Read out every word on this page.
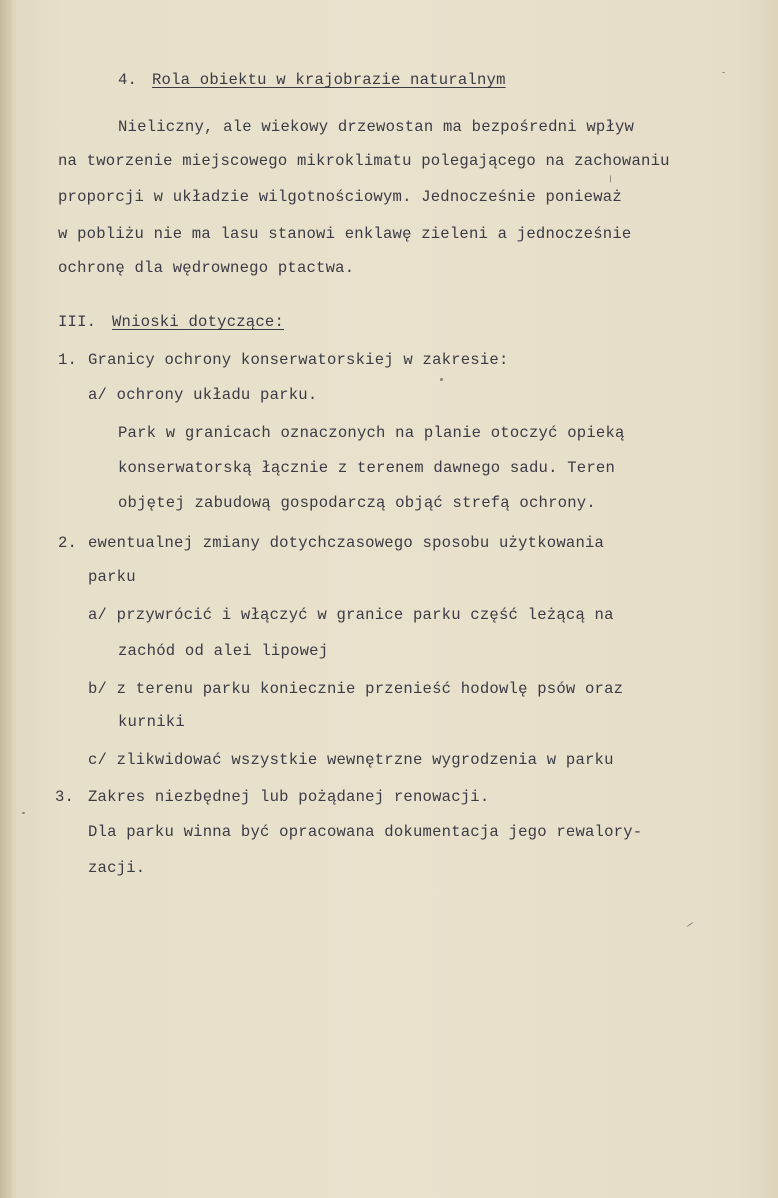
4. Rola obiektu w krajobrazie naturalnym
Nieliczny, ale wiekowy drzewostan ma bezpośredni wpływ
na tworzenie miejscowego mikroklimatu polegającego na zachowaniu
proporcji w układzie wilgotnościowym. Jednocześnie ponieważ
w pobliżu nie ma lasu stanowi enklawę zieleni a jednocześnie
ochronę dla wędrownego ptactwa.
III. Wnioski dotyczące:
1. Granicy ochrony konserwatorskiej w zakresie:
a/ ochrony układu parku.
Park w granicach oznaczonych na planie otoczyć opieką
konserwatorską łącznie z terenem dawnego sadu. Teren
objętej zabudową gospodarczą objąć strefą ochrony.
2. ewentualnej zmiany dotychczasowego sposobu użytkowania
parku
a/ przywrócić i włączyć w granice parku część leżącą na
zachód od alei lipowej
b/ z terenu parku koniecznie przenieść hodowlę psów oraz
kurniki
c/ zlikwidować wszystkie wewnętrzne wygrodzenia w parku
3. Zakres niezbędnej lub pożądanej renowacji.
Dla parku winna być opracowana dokumentacja jego rewalory-
zacji.
